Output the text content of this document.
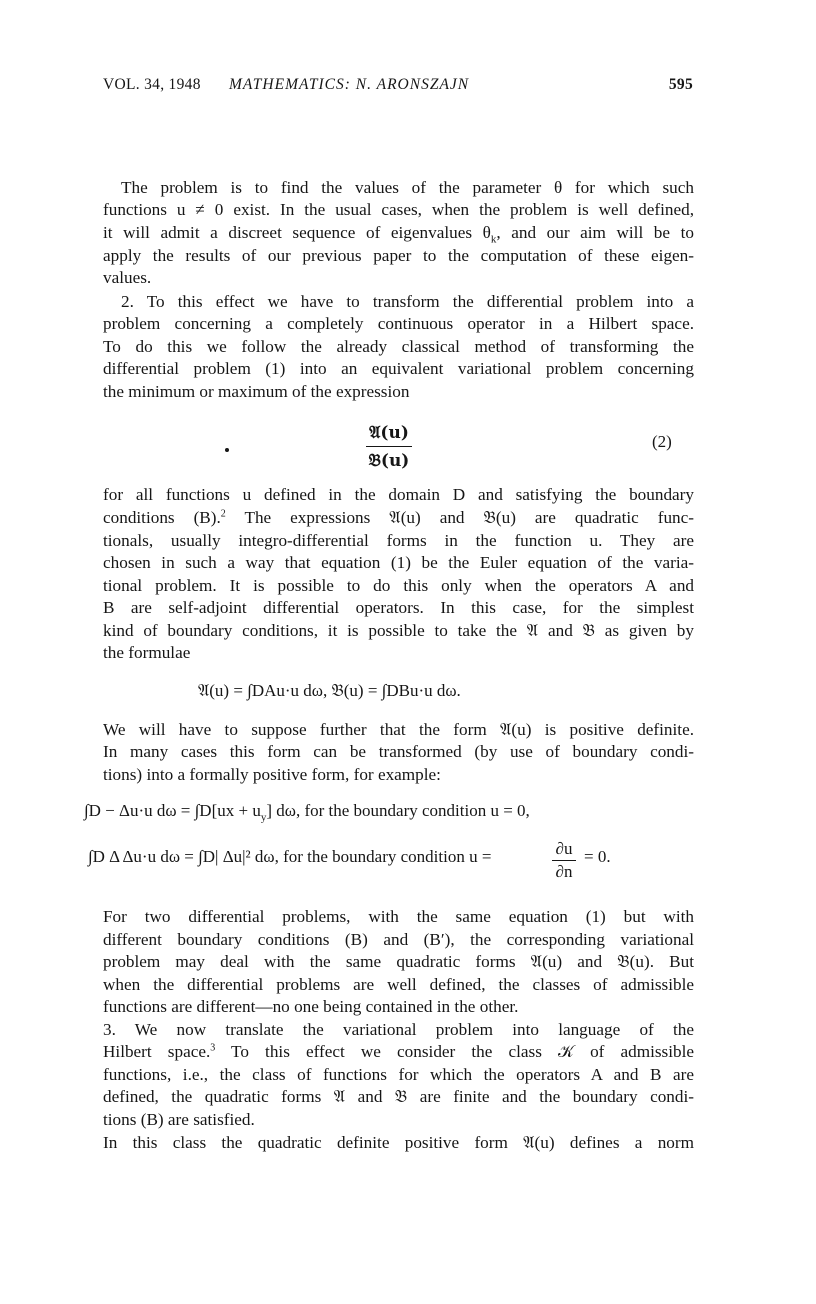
VOL. 34, 1948 MATHEMATICS: N. ARONSZAJN	595
The problem is to find the values of the parameter θ for which such
functions u ≠ 0 exist. In the usual cases, when the problem is well defined,
it will admit a discreet sequence of eigenvalues $\theta_k$, and our aim will be to
apply the results of our previous paper to the computation of these eigen-
values.
2. To this effect we have to transform the differential problem into a
problem concerning a completely continuous operator in a Hilbert space.
To do this we follow the already classical method of transforming the
differential problem (1) into an equivalent variational problem concerning
the minimum or maximum of the expression
𝔄(u)
𝔅(u)
(2)
for all functions u defined in the domain D and satisfying the boundary
conditions (B).$^2$ The expressions 𝔄(u) and 𝔅(u) are quadratic func-
tionals, usually integro-differential forms in the function u. They are
chosen in such a way that equation (1) be the Euler equation of the varia-
tional problem. It is possible to do this only when the operators A and
B are self-adjoint differential operators. In this case, for the simplest
kind of boundary conditions, it is possible to take the 𝔄 and 𝔅 as given by
the formulae
𝔄(u) = ∫DAu·u dω, 𝔅(u) = ∫DBu·u dω.
We will have to suppose further that the form 𝔄(u) is positive definite.
In many cases this form can be transformed (by use of boundary condi-
tions) into a formally positive form, for example:
∫D − Δu·u $d\omega = \int D[ux + u_y]$ dω, for the boundary condition u = 0,
∫D Δ Δu·u dω = ∫D| Δu|² dω, for the boundary condition u =	∂u
∂n
= 0.
For two differential problems, with the same equation (1) but with
different boundary conditions (B) and (B′), the corresponding variational
problem may deal with the same quadratic forms 𝔄(u) and 𝔅(u). But
when the differential problems are well defined, the classes of admissible
functions are different—no one being contained in the other.
3. We now translate the variational problem into language of the
Hilbert space.$^3$ To this effect we consider the class 𝒦 of admissible
functions, i.e., the class of functions for which the operators A and B are
defined, the quadratic forms 𝔄 and 𝔅 are finite and the boundary condi-
tions (B) are satisfied.
In this class the quadratic definite positive form 𝔄(u) defines a norm
